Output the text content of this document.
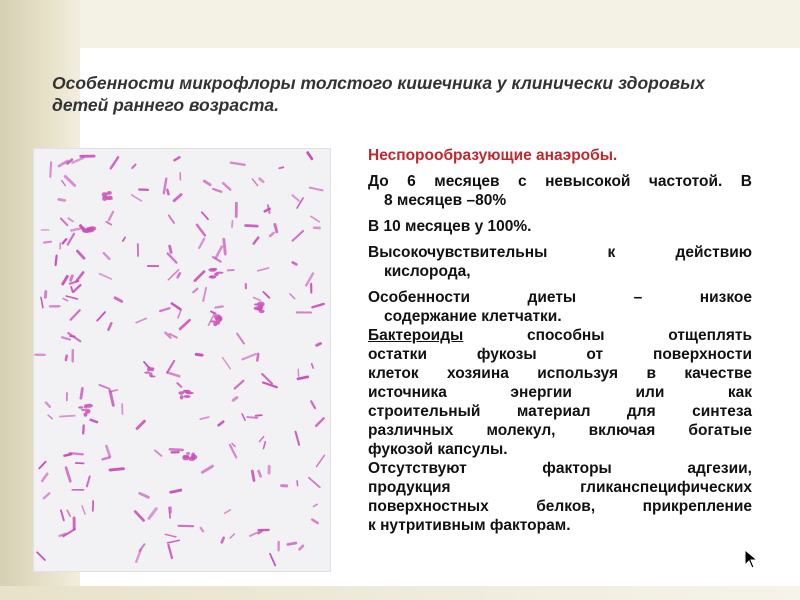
Особенности микрофлоры толстого кишечника у клинически здоровых детей раннего возраста.

Неспорообразующие анаэробы.

До 6 месяцев с невысокой частотой. В

8 месяцев –80%

В 10 месяцев у 100%.

Высокочувствительны к действию

кислорода,

Особенности диеты – низкое

содержание клетчатки.

Бактероиды способны отщеплять

остатки фукозы от поверхности

клеток хозяина используя в качестве

источника энергии или как

строительный материал для синтеза

различных молекул, включая богатые

фукозой капсулы.

Отсутствуют факторы адгезии,

продукция гликанспецифических

поверхностных белков, прикрепление

к нутритивным факторам.
